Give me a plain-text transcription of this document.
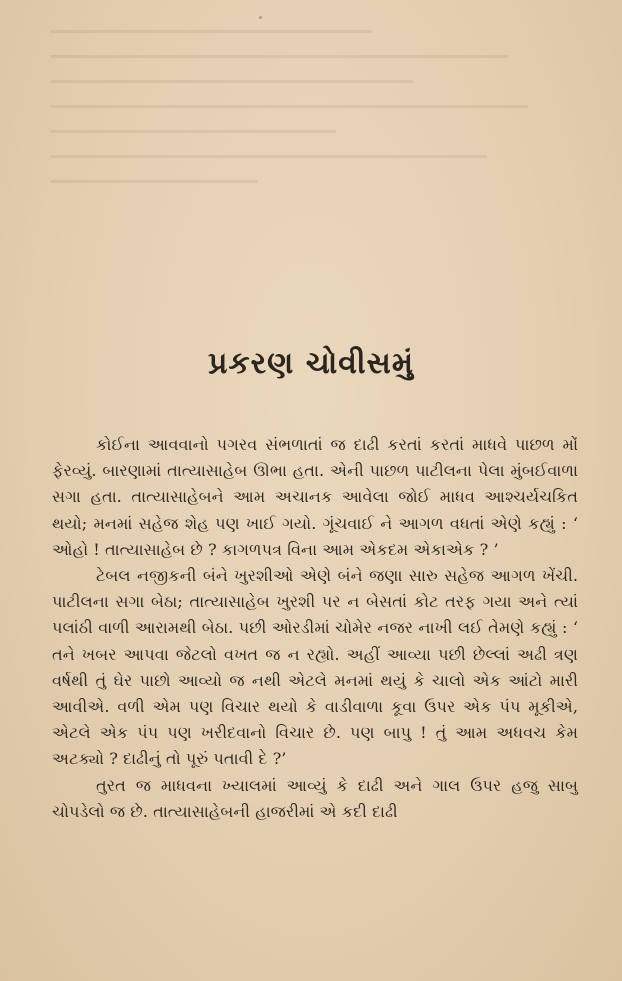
પ્રકરણ ચોવીસમું

કોઈના આવવાનો પગરવ સંભળાતાં જ દાઢી કરતાં કરતાં માધવે પાછળ મોં ફેરવ્યું. બારણામાં તાત્યાસાહેબ ઊભા હતા. એની પાછળ પાટીલના પેલા મુંબઈવાળા સગા હતા. તાત્યાસાહેબને આમ અચાનક આવેલા જોઈ માધવ આશ્ચર્યચકિત થયો; મનમાં સહેજ શેહ પણ ખાઈ ગયો. ગૂંચવાઈ ને આગળ વધતાં એણે કહ્યું : ‘ ઓહો ! તાત્યાસાહેબ છે ? કાગળપત્ર વિના આમ એકદમ એકાએક ? ’

ટેબલ નજીકની બંને ખુરશીઓ એણે બંને જણા સારુ સહેજ આગળ ખેંચી. પાટીલના સગા બેઠા; તાત્યાસાહેબ ખુરશી પર ન બેસતાં કોટ તરફ ગયા અને ત્યાં પલાંઠી વાળી આરામથી બેઠા. પછી ઓરડીમાં ચોમેર નજર નાખી લઈ તેમણે કહ્યું : ‘ તને ખબર આપવા જેટલો વખત જ ન રહ્યો. અહીં આવ્યા પછી છેલ્લાં અઢી ત્રણ વર્ષથી તું ઘેર પાછો આવ્યો જ નથી એટલે મનમાં થયું કે ચાલો એક આંટો મારી આવીએ. વળી એમ પણ વિચાર થયો કે વાડીવાળા કૂવા ઉપર એક પંપ મૂકીએ, એટલે એક પંપ પણ ખરીદવાનો વિચાર છે. પણ બાપુ ! તું આમ અધવચ કેમ અટક્યો ? દાઢીનું તો પૂરું પતાવી દે ?’

તુરત જ માધવના ખ્યાલમાં આવ્યું કે દાઢી અને ગાલ ઉપર હજુ સાબુ ચોપડેલો જ છે. તાત્યાસાહેબની હાજરીમાં એ કદી દાઢી
